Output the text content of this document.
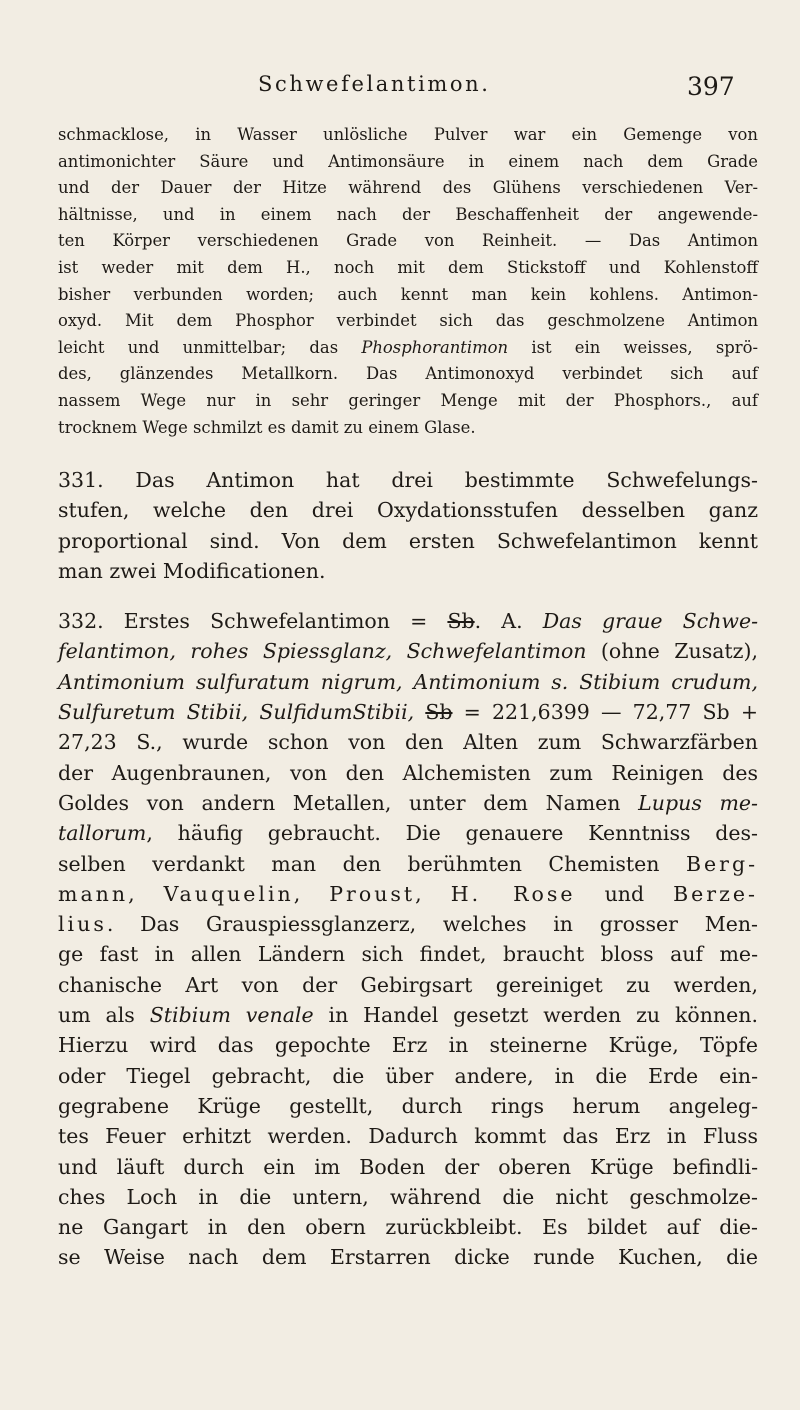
Schwefelantimon.	397
schmacklose, in Wasser unlösliche Pulver war ein Gemenge von
antimonichter Säure und Antimonsäure in einem nach dem Grade
und der Dauer der Hitze während des Glühens verschiedenen Ver-
hältnisse, und in einem nach der Beschaffenheit der angewende-
ten Körper verschiedenen Grade von Reinheit. — Das Antimon
ist weder mit dem H., noch mit dem Stickstoff und Kohlenstoff
bisher verbunden worden; auch kennt man kein kohlens. Antimon-
oxyd. Mit dem Phosphor verbindet sich das geschmolzene Antimon
leicht und unmittelbar; das Phosphorantimon ist ein weisses, sprö-
des, glänzendes Metallkorn. Das Antimonoxyd verbindet sich auf
nassem Wege nur in sehr geringer Menge mit der Phosphors., auf
trocknem Wege schmilzt es damit zu einem Glase.
331. Das Antimon hat drei bestimmte Schwefelungs-
stufen, welche den drei Oxydationsstufen desselben ganz
proportional sind. Von dem ersten Schwefelantimon kennt
man zwei Modificationen.
332. Erstes Schwefelantimon = Sb. A. Das graue Schwe-
felantimon, rohes Spiessglanz, Schwefelantimon (ohne Zusatz),
Antimonium sulfuratum nigrum, Antimonium s. Stibium crudum,
Sulfuretum Stibii, SulfidumStibii, Sb = 221,6399 — 72,77 Sb +
27,23 S., wurde schon von den Alten zum Schwarzfärben
der Augenbraunen, von den Alchemisten zum Reinigen des
Goldes von andern Metallen, unter dem Namen Lupus me-
tallorum, häufig gebraucht. Die genauere Kenntniss des-
selben verdankt man den berühmten Chemisten Berg-
mann, Vauquelin, Proust, H. Rose und Berze-
lius. Das Grauspiessglanzerz, welches in grosser Men-
ge fast in allen Ländern sich findet, braucht bloss auf me-
chanische Art von der Gebirgsart gereiniget zu werden,
um als Stibium venale in Handel gesetzt werden zu können.
Hierzu wird das gepochte Erz in steinerne Krüge, Töpfe
oder Tiegel gebracht, die über andere, in die Erde ein-
gegrabene Krüge gestellt, durch rings herum angeleg-
tes Feuer erhitzt werden. Dadurch kommt das Erz in Fluss
und läuft durch ein im Boden der oberen Krüge befindli-
ches Loch in die untern, während die nicht geschmolze-
ne Gangart in den obern zurückbleibt. Es bildet auf die-
se Weise nach dem Erstarren dicke runde Kuchen, die
